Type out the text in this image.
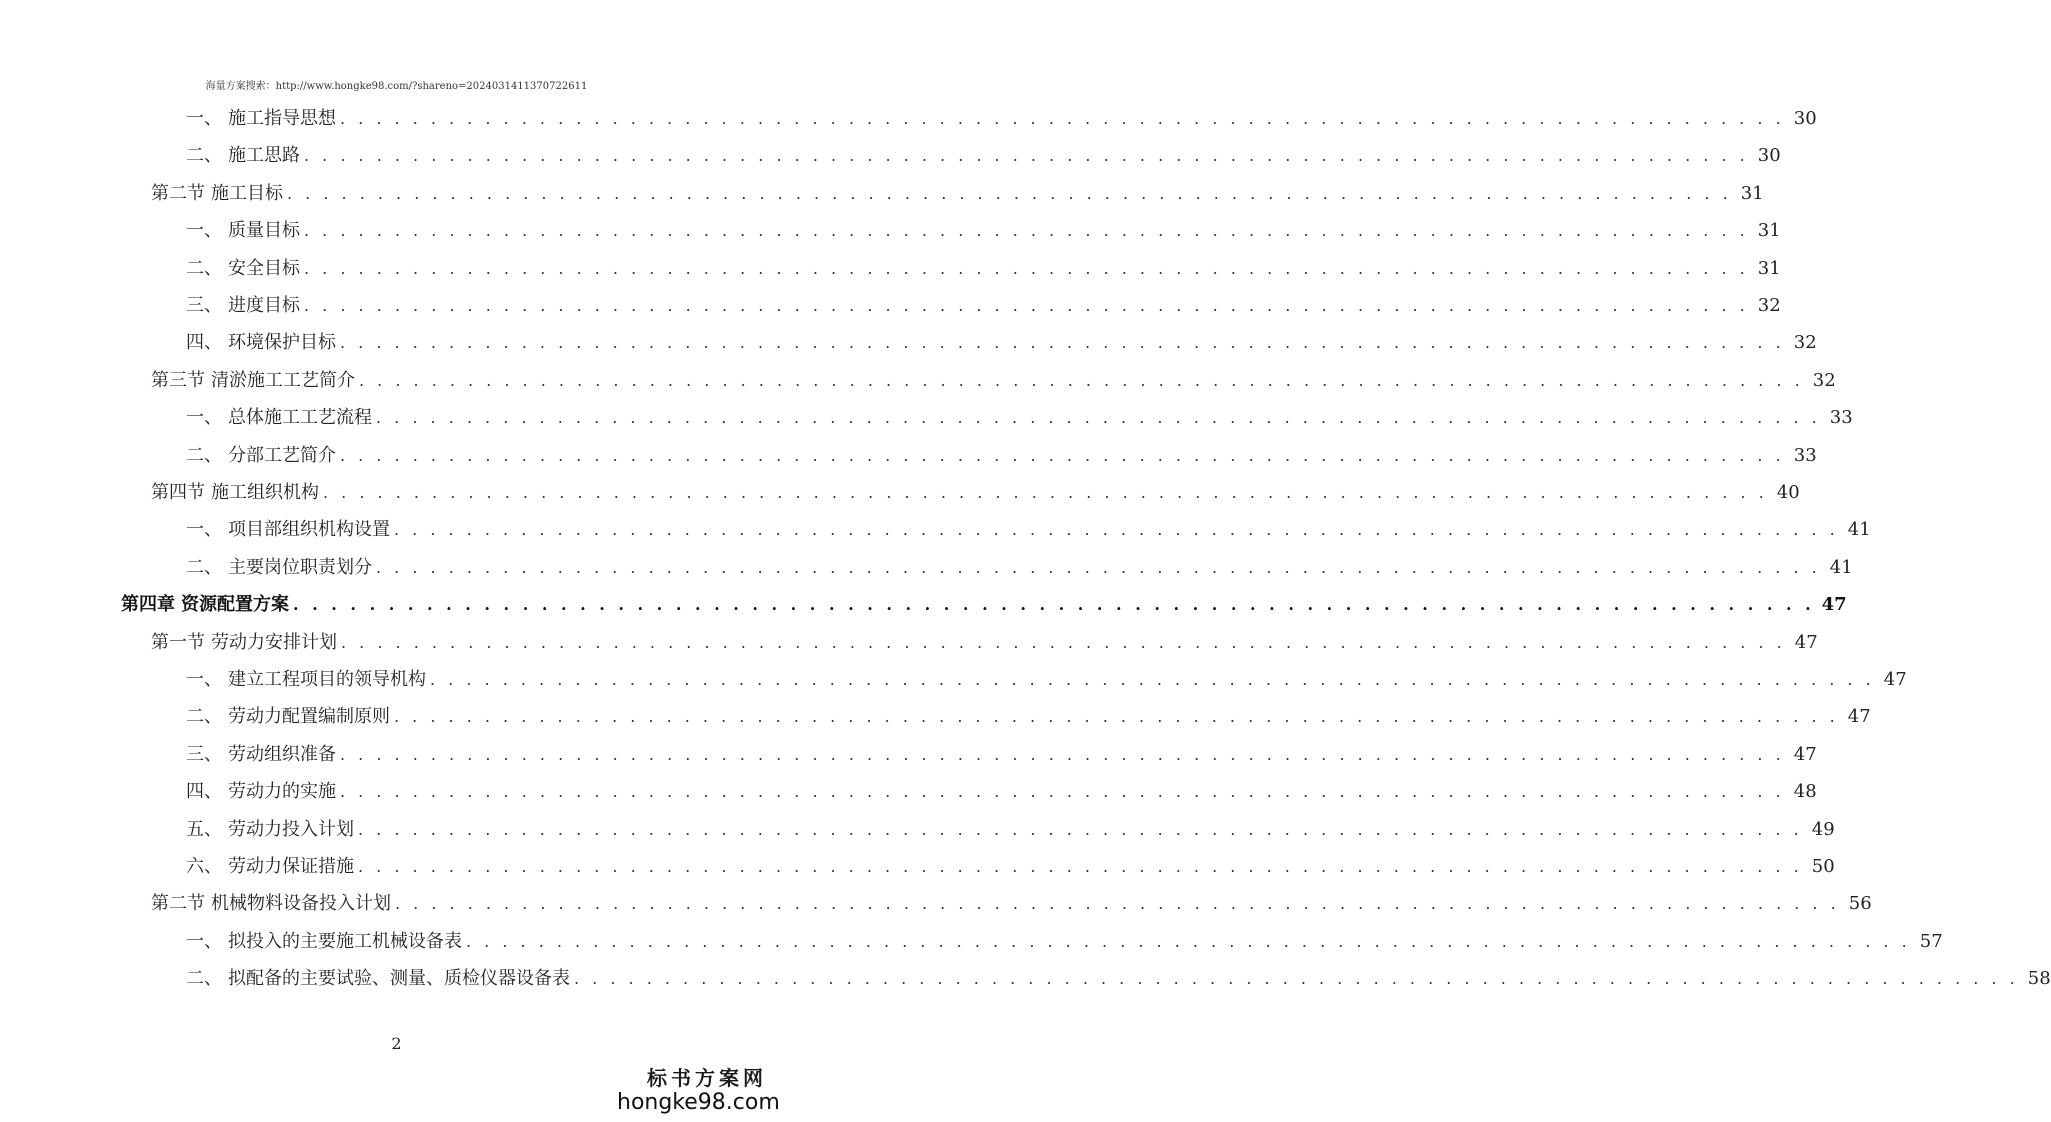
海量方案搜索：http://www.hongke98.com/?shareno=2024031411370722611
一、 施工指导思想 . . . . . . . . . . . . . . . . . . . . . . . . . . . . . . . . . . . . . . . . . . . . . . . . . . . . . . . . . . . . . . . . . . . . . . . . . . . . . . . . 30
二、 施工思路 . . . . . . . . . . . . . . . . . . . . . . . . . . . . . . . . . . . . . . . . . . . . . . . . . . . . . . . . . . . . . . . . . . . . . . . . . . . . . . . . 30
第二节 施工目标 . . . . . . . . . . . . . . . . . . . . . . . . . . . . . . . . . . . . . . . . . . . . . . . . . . . . . . . . . . . . . . . . . . . . . . . . . . . . . . . . 31
一、 质量目标 . . . . . . . . . . . . . . . . . . . . . . . . . . . . . . . . . . . . . . . . . . . . . . . . . . . . . . . . . . . . . . . . . . . . . . . . . . . . . . . . 31
二、 安全目标 . . . . . . . . . . . . . . . . . . . . . . . . . . . . . . . . . . . . . . . . . . . . . . . . . . . . . . . . . . . . . . . . . . . . . . . . . . . . . . . . 31
三、 进度目标 . . . . . . . . . . . . . . . . . . . . . . . . . . . . . . . . . . . . . . . . . . . . . . . . . . . . . . . . . . . . . . . . . . . . . . . . . . . . . . . . 32
四、 环境保护目标 . . . . . . . . . . . . . . . . . . . . . . . . . . . . . . . . . . . . . . . . . . . . . . . . . . . . . . . . . . . . . . . . . . . . . . . . . . . . . . . . 32
第三节 清淤施工工艺简介 . . . . . . . . . . . . . . . . . . . . . . . . . . . . . . . . . . . . . . . . . . . . . . . . . . . . . . . . . . . . . . . . . . . . . . . . . . . . . . . . 32
一、 总体施工工艺流程 . . . . . . . . . . . . . . . . . . . . . . . . . . . . . . . . . . . . . . . . . . . . . . . . . . . . . . . . . . . . . . . . . . . . . . . . . . . . . . . . 33
二、 分部工艺简介 . . . . . . . . . . . . . . . . . . . . . . . . . . . . . . . . . . . . . . . . . . . . . . . . . . . . . . . . . . . . . . . . . . . . . . . . . . . . . . . . 33
第四节 施工组织机构 . . . . . . . . . . . . . . . . . . . . . . . . . . . . . . . . . . . . . . . . . . . . . . . . . . . . . . . . . . . . . . . . . . . . . . . . . . . . . . . . 40
一、 项目部组织机构设置 . . . . . . . . . . . . . . . . . . . . . . . . . . . . . . . . . . . . . . . . . . . . . . . . . . . . . . . . . . . . . . . . . . . . . . . . . . . . . . . . 41
二、 主要岗位职责划分 . . . . . . . . . . . . . . . . . . . . . . . . . . . . . . . . . . . . . . . . . . . . . . . . . . . . . . . . . . . . . . . . . . . . . . . . . . . . . . . . 41
第四章 资源配置方案 . . . . . . . . . . . . . . . . . . . . . . . . . . . . . . . . . . . . . . . . . . . . . . . . . . . . . . . . . . . . . . . . . . . . . . . . . . . . . . . . 47
第一节 劳动力安排计划 . . . . . . . . . . . . . . . . . . . . . . . . . . . . . . . . . . . . . . . . . . . . . . . . . . . . . . . . . . . . . . . . . . . . . . . . . . . . . . . . 47
一、 建立工程项目的领导机构 . . . . . . . . . . . . . . . . . . . . . . . . . . . . . . . . . . . . . . . . . . . . . . . . . . . . . . . . . . . . . . . . . . . . . . . . . . . . . . . . 47
二、 劳动力配置编制原则 . . . . . . . . . . . . . . . . . . . . . . . . . . . . . . . . . . . . . . . . . . . . . . . . . . . . . . . . . . . . . . . . . . . . . . . . . . . . . . . . 47
三、 劳动组织准备 . . . . . . . . . . . . . . . . . . . . . . . . . . . . . . . . . . . . . . . . . . . . . . . . . . . . . . . . . . . . . . . . . . . . . . . . . . . . . . . . 47
四、 劳动力的实施 . . . . . . . . . . . . . . . . . . . . . . . . . . . . . . . . . . . . . . . . . . . . . . . . . . . . . . . . . . . . . . . . . . . . . . . . . . . . . . . . 48
五、 劳动力投入计划 . . . . . . . . . . . . . . . . . . . . . . . . . . . . . . . . . . . . . . . . . . . . . . . . . . . . . . . . . . . . . . . . . . . . . . . . . . . . . . . . 49
六、 劳动力保证措施 . . . . . . . . . . . . . . . . . . . . . . . . . . . . . . . . . . . . . . . . . . . . . . . . . . . . . . . . . . . . . . . . . . . . . . . . . . . . . . . . 50
第二节 机械物料设备投入计划 . . . . . . . . . . . . . . . . . . . . . . . . . . . . . . . . . . . . . . . . . . . . . . . . . . . . . . . . . . . . . . . . . . . . . . . . . . . . . . . . 56
一、 拟投入的主要施工机械设备表 . . . . . . . . . . . . . . . . . . . . . . . . . . . . . . . . . . . . . . . . . . . . . . . . . . . . . . . . . . . . . . . . . . . . . . . . . . . . . . . . 57
二、 拟配备的主要试验、测量、质检仪器设备表 . . . . . . . . . . . . . . . . . . . . . . . . . . . . . . . . . . . . . . . . . . . . . . . . . . . . . . . . . . . . . . . . . . . . . . . . . . . . . . . . 58
2
标书方案网
hongke98.com
